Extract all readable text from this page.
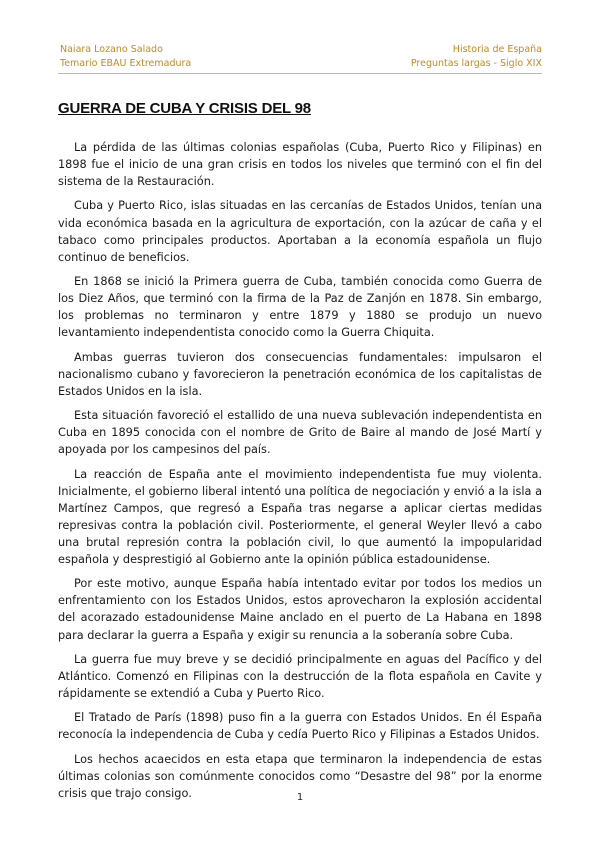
Naiara Lozano Salado
Temario EBAU Extremadura
Historia de España
Preguntas largas - Siglo XIX
GUERRA DE CUBA Y CRISIS DEL 98

La pérdida de las últimas colonias españolas (Cuba, Puerto Rico y Filipinas) en 1898 fue el inicio de una gran crisis en todos los niveles que terminó con el fin del sistema de la Restauración.

Cuba y Puerto Rico, islas situadas en las cercanías de Estados Unidos, tenían una vida económica basada en la agricultura de exportación, con la azúcar de caña y el tabaco como principales productos. Aportaban a la economía española un flujo continuo de beneficios.

En 1868 se inició la Primera guerra de Cuba, también conocida como Guerra de los Diez Años, que terminó con la firma de la Paz de Zanjón en 1878. Sin embargo, los problemas no terminaron y entre 1879 y 1880 se produjo un nuevo levantamiento independentista conocido como la Guerra Chiquita.

Ambas guerras tuvieron dos consecuencias fundamentales: impulsaron el nacionalismo cubano y favorecieron la penetración económica de los capitalistas de Estados Unidos en la isla.

Esta situación favoreció el estallido de una nueva sublevación independentista en Cuba en 1895 conocida con el nombre de Grito de Baire al mando de José Martí y apoyada por los campesinos del país.

La reacción de España ante el movimiento independentista fue muy violenta. Inicialmente, el gobierno liberal intentó una política de negociación y envió a la isla a Martínez Campos, que regresó a España tras negarse a aplicar ciertas medidas represivas contra la población civil. Posteriormente, el general Weyler llevó a cabo una brutal represión contra la población civil, lo que aumentó la impopularidad española y desprestigió al Gobierno ante la opinión pública estadounidense.

Por este motivo, aunque España había intentado evitar por todos los medios un enfrentamiento con los Estados Unidos, estos aprovecharon la explosión accidental del acorazado estadounidense Maine anclado en el puerto de La Habana en 1898 para declarar la guerra a España y exigir su renuncia a la soberanía sobre Cuba.

La guerra fue muy breve y se decidió principalmente en aguas del Pacífico y del Atlántico. Comenzó en Filipinas con la destrucción de la flota española en Cavite y rápidamente se extendió a Cuba y Puerto Rico.

El Tratado de París (1898) puso fin a la guerra con Estados Unidos. En él España reconocía la independencia de Cuba y cedía Puerto Rico y Filipinas a Estados Unidos.

Los hechos acaecidos en esta etapa que terminaron la independencia de estas últimas colonias son comúnmente conocidos como “Desastre del 98” por la enorme crisis que trajo consigo.	1
